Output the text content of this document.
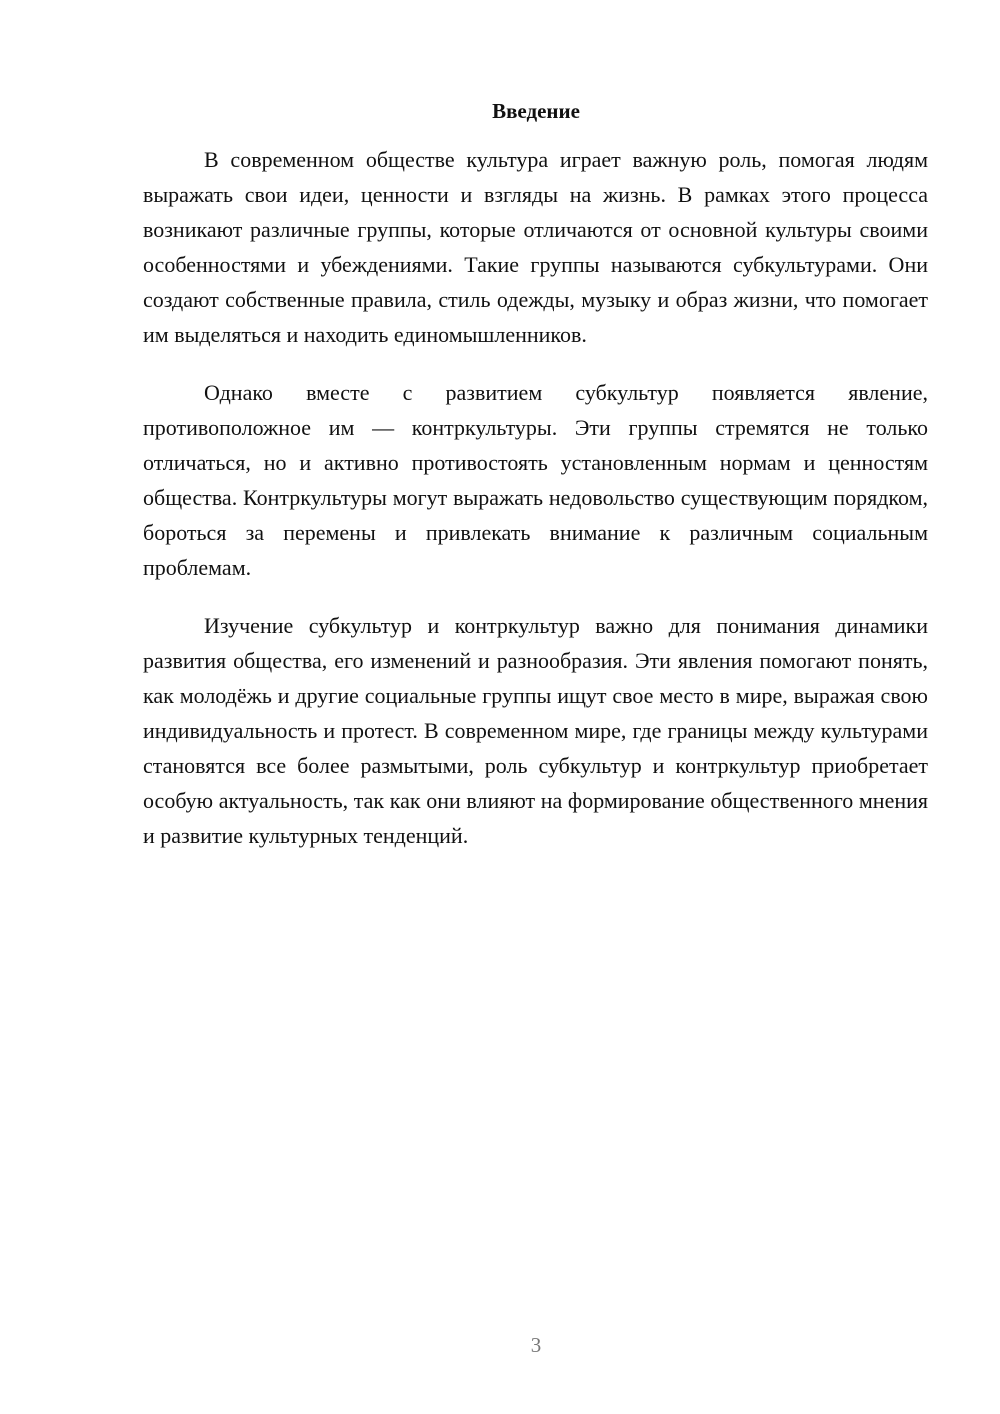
Введение

В современном обществе культура играет важную роль, помогая людям выражать свои идеи, ценности и взгляды на жизнь. В рамках этого процесса возникают различные группы, которые отличаются от основной культуры своими особенностями и убеждениями. Такие группы называются субкультурами. Они создают собственные правила, стиль одежды, музыку и образ жизни, что помогает им выделяться и находить единомышленников.

Однако вместе с развитием субкультур появляется явление, противоположное им — контркультуры. Эти группы стремятся не только отличаться, но и активно противостоять установленным нормам и ценностям общества. Контркультуры могут выражать недовольство существующим порядком, бороться за перемены и привлекать внимание к различным социальным проблемам.

Изучение субкультур и контркультур важно для понимания динамики развития общества, его изменений и разнообразия. Эти явления помогают понять, как молодёжь и другие социальные группы ищут свое место в мире, выражая свою индивидуальность и протест. В современном мире, где границы между культурами становятся все более размытыми, роль субкультур и контркультур приобретает особую актуальность, так как они влияют на формирование общественного мнения и развитие культурных тенденций.

3
